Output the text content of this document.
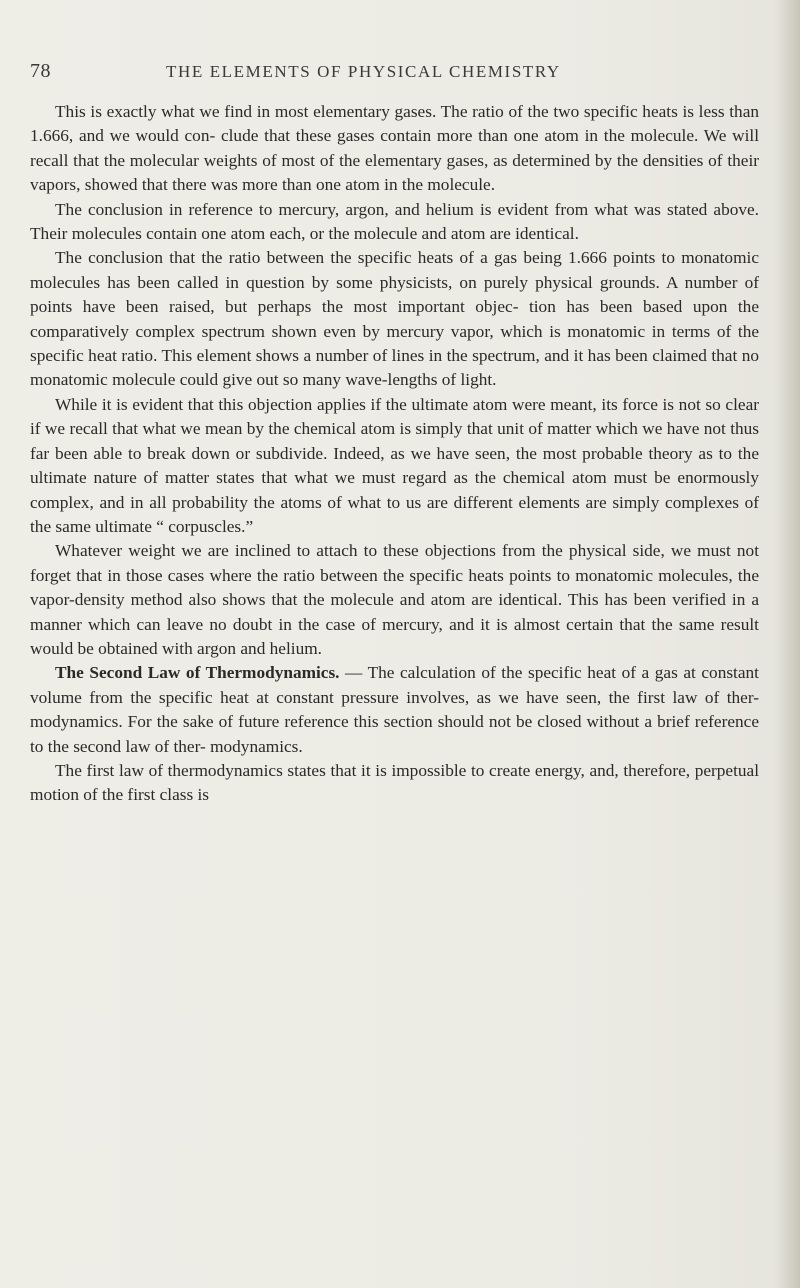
78	THE ELEMENTS OF PHYSICAL CHEMISTRY

This is exactly what we find in most elementary gases. The ratio of the two specific heats is less than 1.666, and we would con- clude that these gases contain more than one atom in the molecule. We will recall that the molecular weights of most of the elementary gases, as determined by the densities of their vapors, showed that there was more than one atom in the molecule.

The conclusion in reference to mercury, argon, and helium is evident from what was stated above. Their molecules contain one atom each, or the molecule and atom are identical.

The conclusion that the ratio between the specific heats of a gas being 1.666 points to monatomic molecules has been called in question by some physicists, on purely physical grounds. A number of points have been raised, but perhaps the most important objec- tion has been based upon the comparatively complex spectrum shown even by mercury vapor, which is monatomic in terms of the specific heat ratio. This element shows a number of lines in the spectrum, and it has been claimed that no monatomic molecule could give out so many wave-lengths of light.

While it is evident that this objection applies if the ultimate atom were meant, its force is not so clear if we recall that what we mean by the chemical atom is simply that unit of matter which we have not thus far been able to break down or subdivide. Indeed, as we have seen, the most probable theory as to the ultimate nature of matter states that what we must regard as the chemical atom must be enormously complex, and in all probability the atoms of what to us are different elements are simply complexes of the same ultimate “ corpuscles.”

Whatever weight we are inclined to attach to these objections from the physical side, we must not forget that in those cases where the ratio between the specific heats points to monatomic molecules, the vapor-density method also shows that the molecule and atom are identical. This has been verified in a manner which can leave no doubt in the case of mercury, and it is almost certain that the same result would be obtained with argon and helium.

The Second Law of Thermodynamics. — The calculation of the specific heat of a gas at constant volume from the specific heat at constant pressure involves, as we have seen, the first law of ther- modynamics. For the sake of future reference this section should not be closed without a brief reference to the second law of ther- modynamics.

The first law of thermodynamics states that it is impossible to create energy, and, therefore, perpetual motion of the first class is
